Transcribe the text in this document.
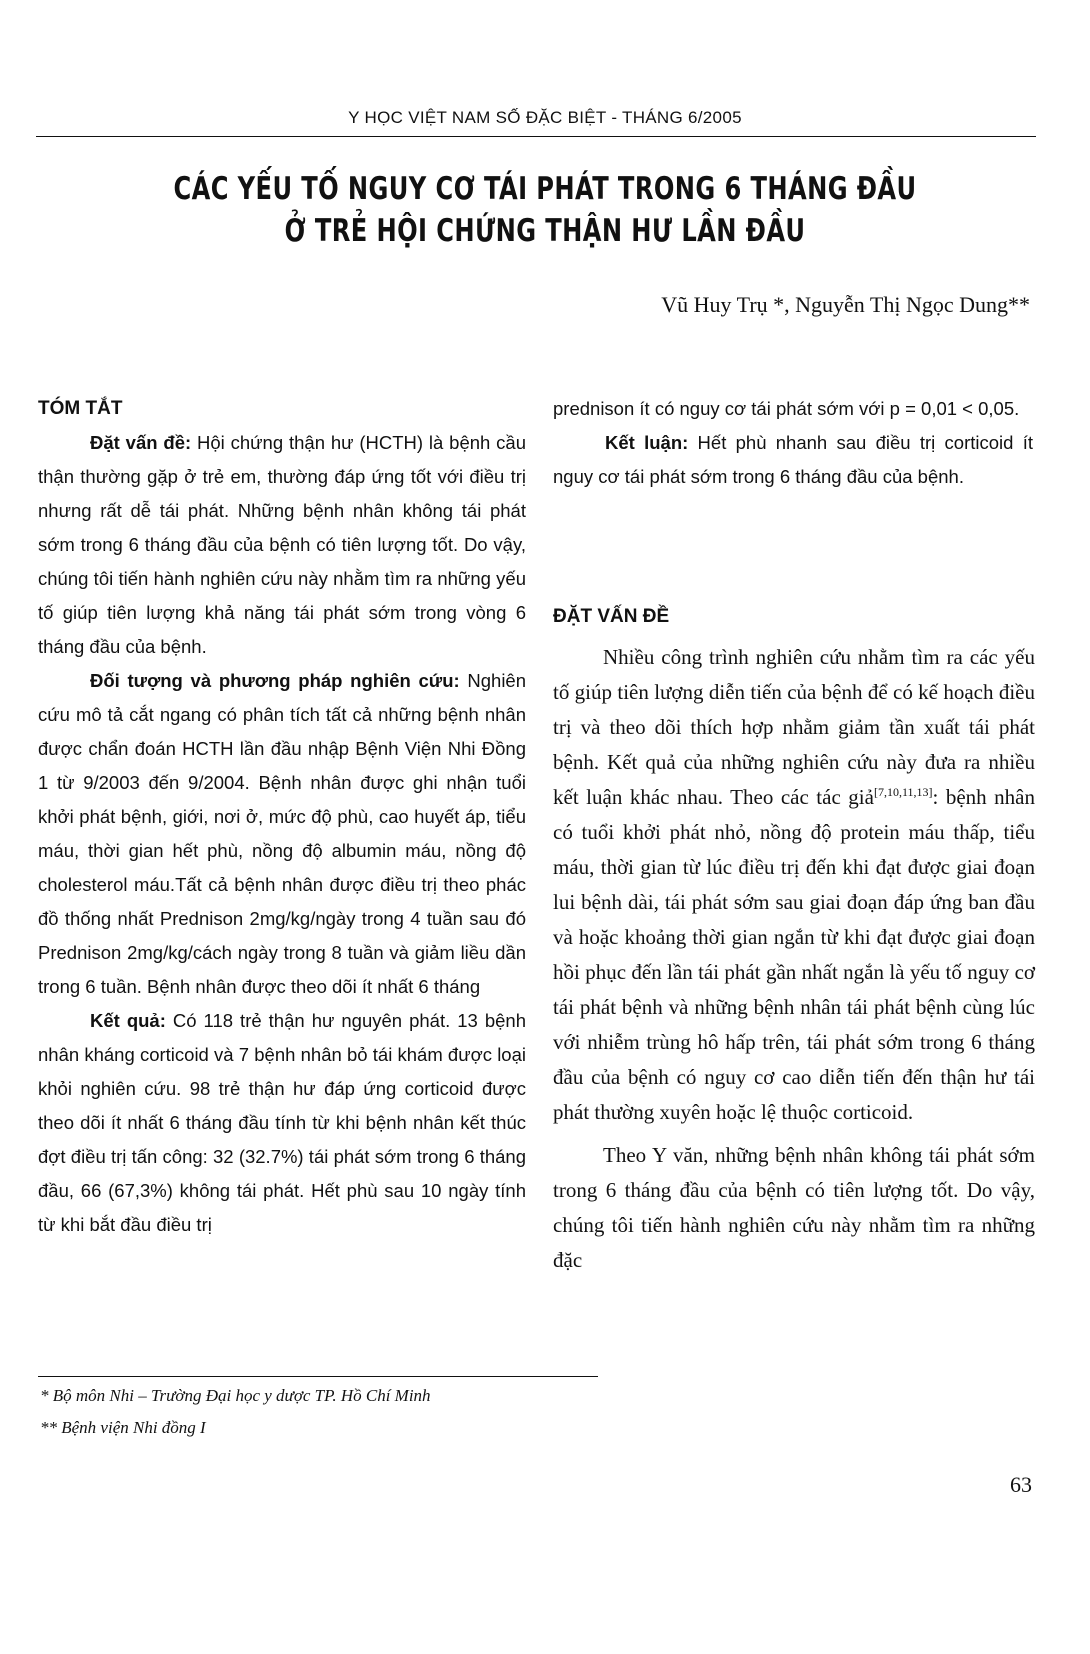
Y HỌC VIỆT NAM SỐ ĐẶC BIỆT - THÁNG 6/2005
CÁC YẾU TỐ NGUY CƠ TÁI PHÁT TRONG 6 THÁNG ĐẦU
Ở TRẺ HỘI CHỨNG THẬN HƯ LẦN ĐẦU
Vũ Huy Trụ *, Nguyễn Thị Ngọc Dung**
TÓM TẮT

Đặt vấn đề: Hội chứng thận hư (HCTH) là bệnh cầu thận thường gặp ở trẻ em, thường đáp ứng tốt với điều trị nhưng rất dễ tái phát. Những bệnh nhân không tái phát sớm trong 6 tháng đầu của bệnh có tiên lượng tốt. Do vậy, chúng tôi tiến hành nghiên cứu này nhằm tìm ra những yếu tố giúp tiên lượng khả năng tái phát sớm trong vòng 6 tháng đầu của bệnh.

Đối tượng và phương pháp nghiên cứu: Nghiên cứu mô tả cắt ngang có phân tích tất cả những bệnh nhân được chẩn đoán HCTH lần đầu nhập Bệnh Viện Nhi Đồng 1 từ 9/2003 đến 9/2004. Bệnh nhân được ghi nhận tuổi khởi phát bệnh, giới, nơi ở, mức độ phù, cao huyết áp, tiểu máu, thời gian hết phù, nồng độ albumin máu, nồng độ cholesterol máu.Tất cả bệnh nhân được điều trị theo phác đồ thống nhất Prednison 2mg/kg/ngày trong 4 tuần sau đó Prednison 2mg/kg/cách ngày trong 8 tuần và giảm liều dần trong 6 tuần. Bệnh nhân được theo dõi ít nhất 6 tháng

Kết quả: Có 118 trẻ thận hư nguyên phát. 13 bệnh nhân kháng corticoid và 7 bệnh nhân bỏ tái khám được loại khỏi nghiên cứu. 98 trẻ thận hư đáp ứng corticoid được theo dõi ít nhất 6 tháng đầu tính từ khi bệnh nhân kết thúc đợt điều trị tấn công: 32 (32.7%) tái phát sớm trong 6 tháng đầu, 66 (67,3%) không tái phát. Hết phù sau 10 ngày tính từ khi bắt đầu điều trị

prednison ít có nguy cơ tái phát sớm với p = 0,01 < 0,05.

Kết luận: Hết phù nhanh sau điều trị corticoid ít nguy cơ tái phát sớm trong 6 tháng đầu của bệnh.

ĐẶT VẤN ĐỀ

Nhiều công trình nghiên cứu nhằm tìm ra các yếu tố giúp tiên lượng diễn tiến của bệnh để có kế hoạch điều trị và theo dõi thích hợp nhằm giảm tần xuất tái phát bệnh. Kết quả của những nghiên cứu này đưa ra nhiều kết luận khác nhau. Theo các tác giả[7,10,11,13]: bệnh nhân có tuổi khởi phát nhỏ, nồng độ protein máu thấp, tiểu máu, thời gian từ lúc điều trị đến khi đạt được giai đoạn lui bệnh dài, tái phát sớm sau giai đoạn đáp ứng ban đầu và hoặc khoảng thời gian ngắn từ khi đạt được giai đoạn hồi phục đến lần tái phát gần nhất ngắn là yếu tố nguy cơ tái phát bệnh và những bệnh nhân tái phát bệnh cùng lúc với nhiễm trùng hô hấp trên, tái phát sớm trong 6 tháng đầu của bệnh có nguy cơ cao diễn tiến đến thận hư tái phát thường xuyên hoặc lệ thuộc corticoid.

Theo Y văn, những bệnh nhân không tái phát sớm trong 6 tháng đầu của bệnh có tiên lượng tốt. Do vậy, chúng tôi tiến hành nghiên cứu này nhằm tìm ra những đặc

* Bộ môn Nhi – Trường Đại học y dược TP. Hồ Chí Minh
** Bệnh viện Nhi đồng I
63
